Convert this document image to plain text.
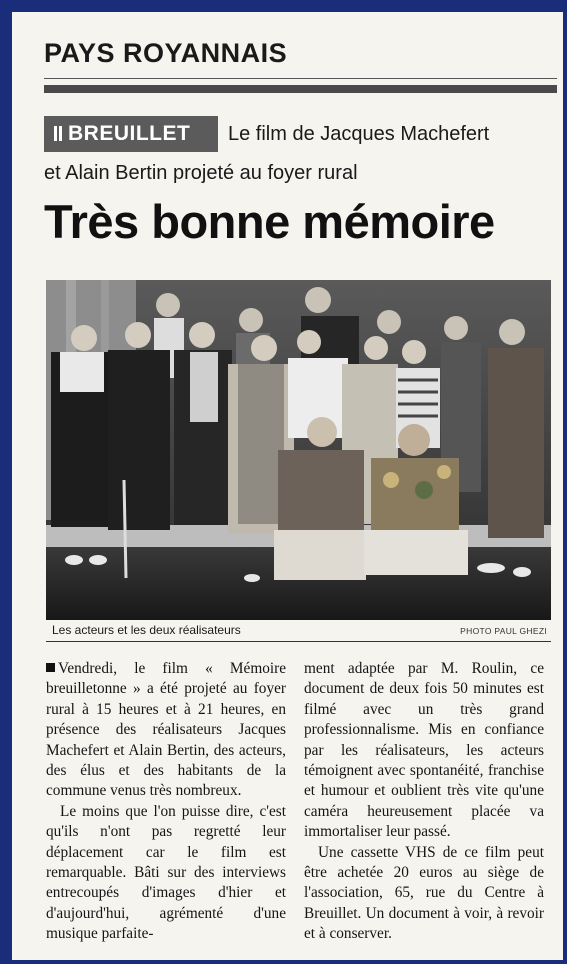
PAYS ROYANNAIS
BREUILLET	Le film de Jacques Machefert
et Alain Bertin projeté au foyer rural
Très bonne mémoire
Les acteurs et les deux réalisateurs	PHOTO PAUL GHEZI

Vendredi, le film « Mémoire breuilletonne » a été projeté au foyer rural à 15 heures et à 21 heures, en présence des réalisateurs Jacques Machefert et Alain Bertin, des acteurs, des élus et des habitants de la commune venus très nombreux.

Le moins que l'on puisse dire, c'est qu'ils n'ont pas regretté leur déplacement car le film est remarquable. Bâti sur des interviews entrecoupés d'images d'hier et d'aujourd'hui, agrémenté d'une musique parfaite-

ment adaptée par M. Roulin, ce document de deux fois 50 minutes est filmé avec un très grand professionnalisme. Mis en confiance par les réalisateurs, les acteurs témoignent avec spontanéité, franchise et humour et oublient très vite qu'une caméra heureusement placée va immortaliser leur passé.

Une cassette VHS de ce film peut être achetée 20 euros au siège de l'association, 65, rue du Centre à Breuillet. Un document à voir, à revoir et à conserver.
